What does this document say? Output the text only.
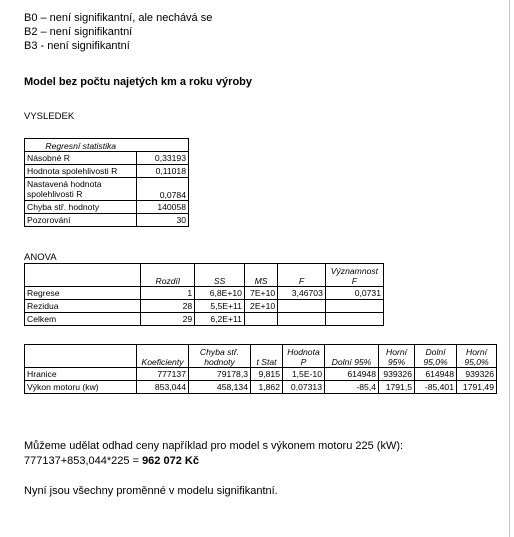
B0 – není signifikantní, ale nechává se
B2 – není signifikantní
B3 - není signifikantní
Model bez počtu najetých km a roku výroby
VYSLEDEK
Regresní statistika	
Násobné R	0,33193
Hodnota spolehlivosti R	0,11018
Nastavená hodnota spolehlivosti R	0,0784
Chyba stř. hodnoty	140058
Pozorování	30
ANOVA
	Rozdíl	SS	MS	F	Významnost F
Regrese	1	6,8E+10	7E+10	3,46703	0,0731
Rezidua	28	5,5E+11	2E+10		
Celkem	29	6,2E+11			
	Koeficienty	Chyba stř. hodnoty	t Stat	Hodnota P	Dolní 95%	Horní 95%	Dolní 95,0%	Horní 95,0%
Hranice	777137	79178,3	9,815	1,5E-10	614948	939326	614948	939326
Výkon motoru (kw)	853,044	458,134	1,862	0,07313	-85,4	1791,5	-85,401	1791,49
Můžeme udělat odhad ceny například pro model s výkonem motoru 225 (kW):
777137+853,044*225 = 962 072 Kč
Nyní jsou všechny proměnné v modelu signifikantní.
